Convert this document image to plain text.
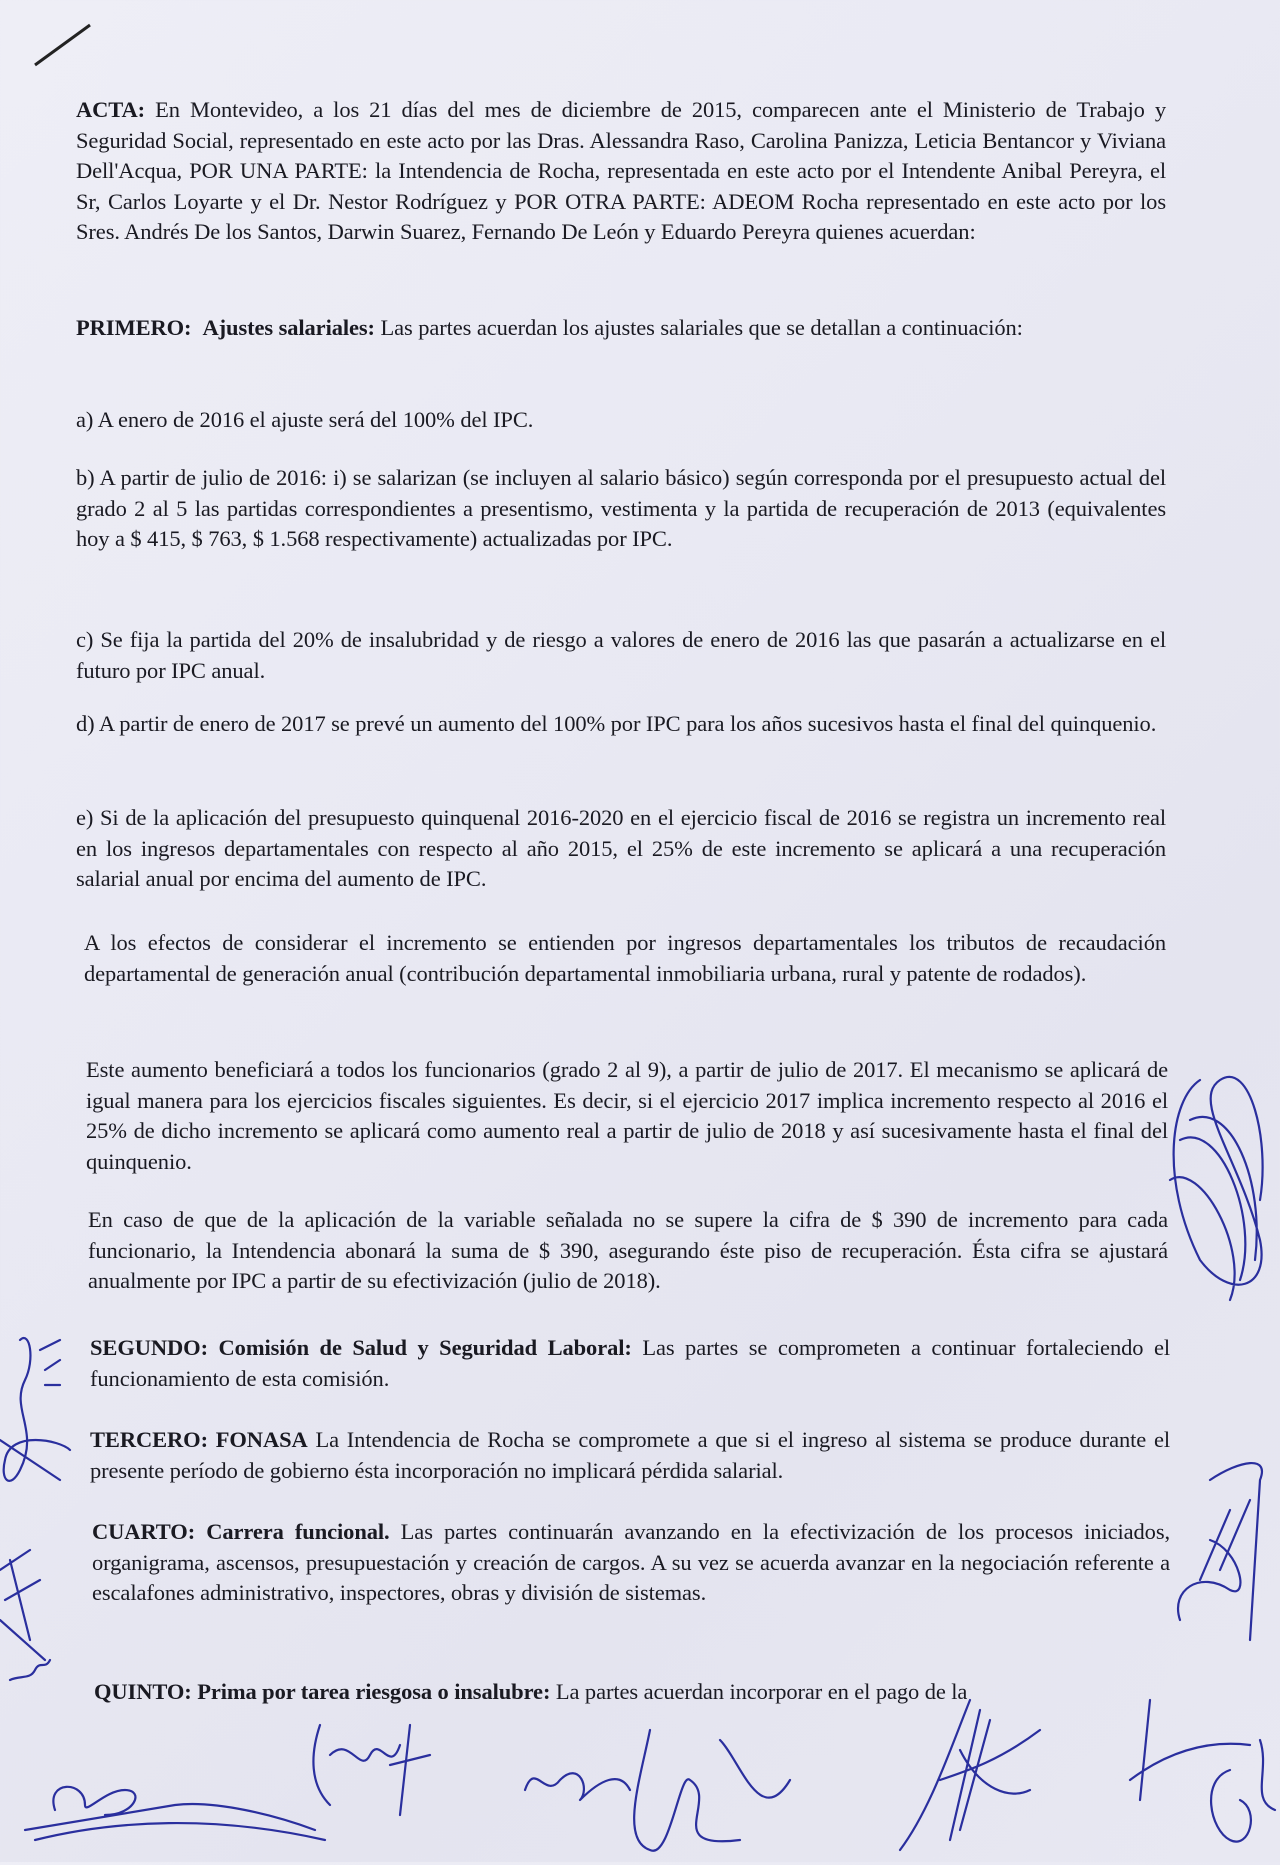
ACTA: En Montevideo, a los 21 días del mes de diciembre de 2015, comparecen ante el Ministerio de Trabajo y Seguridad Social, representado en este acto por las Dras. Alessandra Raso, Carolina Panizza, Leticia Bentancor y Viviana Dell'Acqua, POR UNA PARTE: la Intendencia de Rocha, representada en este acto por el Intendente Anibal Pereyra, el Sr, Carlos Loyarte y el Dr. Nestor Rodríguez y POR OTRA PARTE: ADEOM Rocha representado en este acto por los Sres. Andrés De los Santos, Darwin Suarez, Fernando De León y Eduardo Pereyra quienes acuerdan:

PRIMERO: Ajustes salariales: Las partes acuerdan los ajustes salariales que se detallan a continuación:

a) A enero de 2016 el ajuste será del 100% del IPC.

b) A partir de julio de 2016: i) se salarizan (se incluyen al salario básico) según corresponda por el presupuesto actual del grado 2 al 5 las partidas correspondientes a presentismo, vestimenta y la partida de recuperación de 2013 (equivalentes hoy a $ 415, $ 763, $ 1.568 respectivamente) actualizadas por IPC.

c) Se fija la partida del 20% de insalubridad y de riesgo a valores de enero de 2016 las que pasarán a actualizarse en el futuro por IPC anual.

d) A partir de enero de 2017 se prevé un aumento del 100% por IPC para los años sucesivos hasta el final del quinquenio.

e) Si de la aplicación del presupuesto quinquenal 2016-2020 en el ejercicio fiscal de 2016 se registra un incremento real en los ingresos departamentales con respecto al año 2015, el 25% de este incremento se aplicará a una recuperación salarial anual por encima del aumento de IPC.

A los efectos de considerar el incremento se entienden por ingresos departamentales los tributos de recaudación departamental de generación anual (contribución departamental inmobiliaria urbana, rural y patente de rodados).

Este aumento beneficiará a todos los funcionarios (grado 2 al 9), a partir de julio de 2017. El mecanismo se aplicará de igual manera para los ejercicios fiscales siguientes. Es decir, si el ejercicio 2017 implica incremento respecto al 2016 el 25% de dicho incremento se aplicará como aumento real a partir de julio de 2018 y así sucesivamente hasta el final del quinquenio.

En caso de que de la aplicación de la variable señalada no se supere la cifra de $ 390 de incremento para cada funcionario, la Intendencia abonará la suma de $ 390, asegurando éste piso de recuperación. Ésta cifra se ajustará anualmente por IPC a partir de su efectivización (julio de 2018).

SEGUNDO: Comisión de Salud y Seguridad Laboral: Las partes se comprometen a continuar fortaleciendo el funcionamiento de esta comisión.

TERCERO: FONASA La Intendencia de Rocha se compromete a que si el ingreso al sistema se produce durante el presente período de gobierno ésta incorporación no implicará pérdida salarial.

CUARTO: Carrera funcional. Las partes continuarán avanzando en la efectivización de los procesos iniciados, organigrama, ascensos, presupuestación y creación de cargos. A su vez se acuerda avanzar en la negociación referente a escalafones administrativo, inspectores, obras y división de sistemas.

QUINTO: Prima por tarea riesgosa o insalubre: La partes acuerdan incorporar en el pago de la
